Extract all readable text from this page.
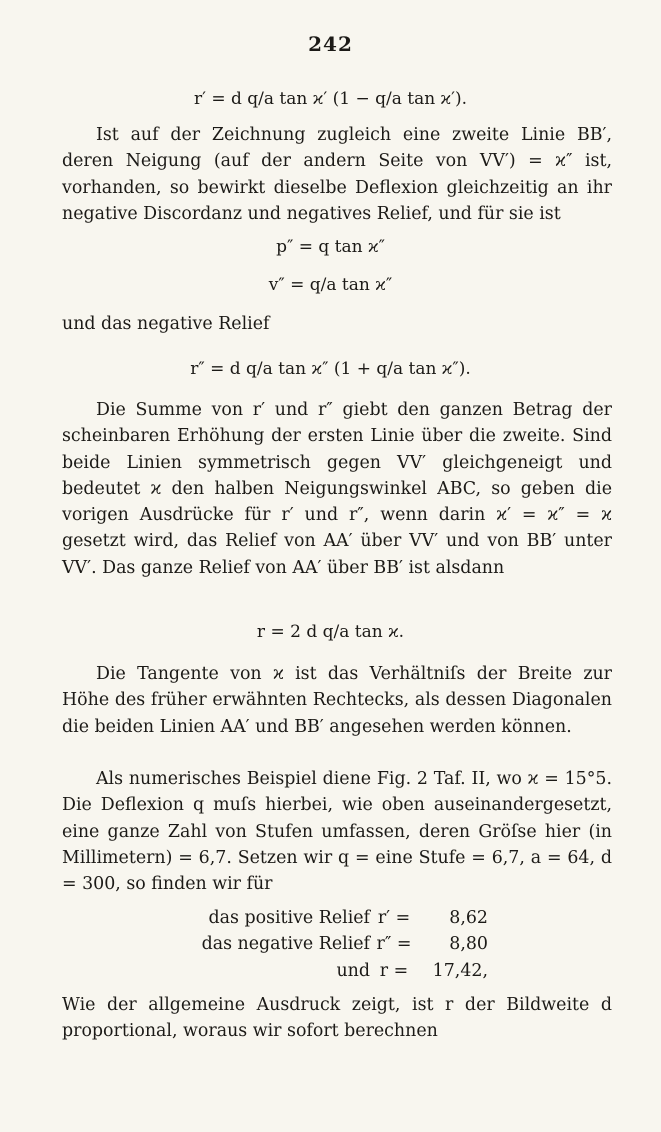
242
r′ = d q/a tan ϰ′ (1 − q/a tan ϰ′).
Ist auf der Zeichnung zugleich eine zweite Linie BB′, deren Neigung (auf der andern Seite von VV′) = ϰ″ ist, vorhanden, so bewirkt dieselbe Deflexion gleichzeitig an ihr negative Discordanz und negatives Relief, und für sie ist
p″ = q tan ϰ″
v″ = q/a tan ϰ″
und das negative Relief
r″ = d q/a tan ϰ″ (1 + q/a tan ϰ″).
Die Summe von r′ und r″ giebt den ganzen Betrag der scheinbaren Erhöhung der ersten Linie über die zweite. Sind beide Linien symmetrisch gegen VV′ gleichgeneigt und bedeutet ϰ den halben Neigungswinkel ABC, so geben die vorigen Ausdrücke für r′ und r″, wenn darin ϰ′ = ϰ″ = ϰ gesetzt wird, das Relief von AA′ über VV′ und von BB′ unter VV′. Das ganze Relief von AA′ über BB′ ist alsdann
r = 2 d q/a tan ϰ.
Die Tangente von ϰ ist das Verhältniſs der Breite zur Höhe des früher erwähnten Rechtecks, als dessen Diagonalen die beiden Linien AA′ und BB′ angesehen werden können.
Als numerisches Beispiel diene Fig. 2 Taf. II, wo ϰ = 15°5. Die Deflexion q muſs hierbei, wie oben auseinandergesetzt, eine ganze Zahl von Stufen umfassen, deren Gröſse hier (in Millimetern) = 6,7. Setzen wir q = eine Stufe = 6,7, a = 64, d = 300, so finden wir für
das positive Relief r′ =	8,62
das negative Relief r″ =	8,80
und r =	17,42,
Wie der allgemeine Ausdruck zeigt, ist r der Bildweite d proportional, woraus wir sofort berechnen
